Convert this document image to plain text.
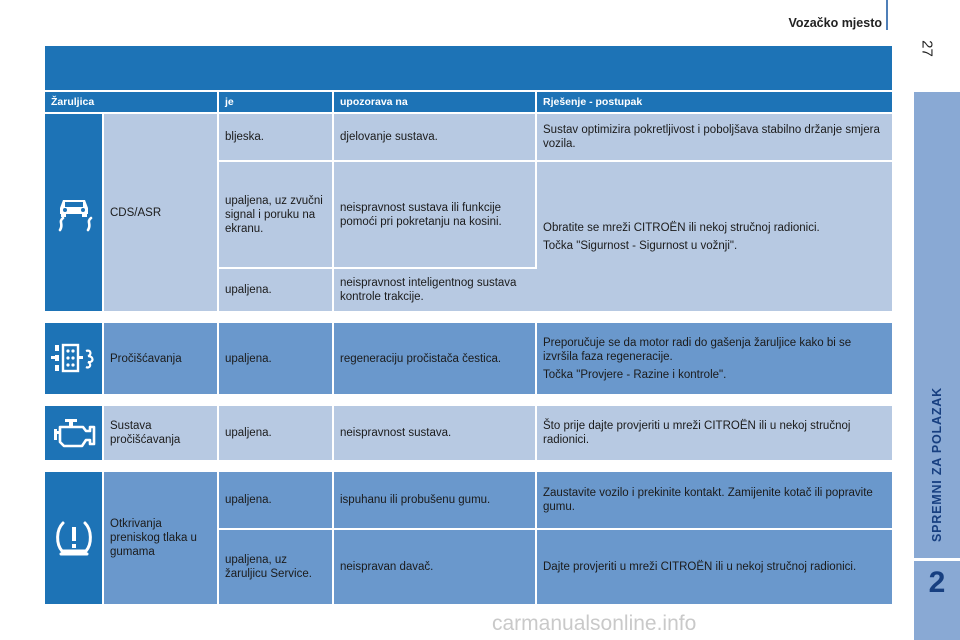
Vozačko mjesto
27
SPREMNI ZA POLAZAK
2
Žaruljica		je	upozorava na	Rješenje - postupak

	CDS/ASR	bljeska.	djelovanje sustava.	Sustav optimizira pokretljivost i poboljšava stabilno držanje smjera vozila.

		upaljena, uz zvučni signal i poruku na ekranu.	neispravnost sustava ili funkcije pomoći pri pokretanju na kosini.	Obratite se mreži CITROËN ili nekoj stručnoj radionici.

Točka "Sigurnost - Sigurnost u vožnji".

		upaljena.	neispravnost inteligentnog sustava kontrole trakcije.	

	Pročišćavanja	upaljena.	regeneraciju pročistača čestica.	Preporučuje se da motor radi do gašenja žaruljice kako bi se izvršila faza regeneracije.

Točka "Provjere - Razine i kontrole".

	Sustava pročišćavanja	upaljena.	neispravnost sustava.	Što prije dajte provjeriti u mreži CITROËN ili u nekoj stručnoj radionici.

	Otkrivanja preniskog tlaka u gumama	upaljena.	ispuhanu ili probušenu gumu.	Zaustavite vozilo i prekinite kontakt. Zamijenite kotač ili popravite gumu.

		upaljena, uz žaruljicu Service.	neispravan davač.	Dajte provjeriti u mreži CITROËN ili u nekoj stručnoj radionici.

carmanualsonline.info
